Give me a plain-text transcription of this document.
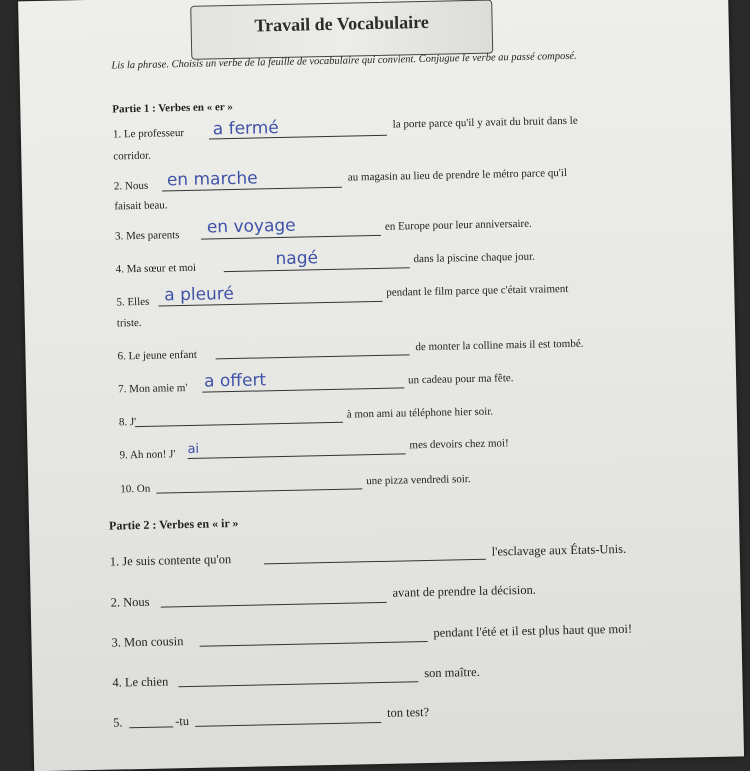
Travail de Vocabulaire
Lis la phrase. Choisis un verbe de la feuille de vocabulaire qui convient. Conjugue le verbe au passé composé.
Partie 1 : Verbes en « er »
1. Le professeur a fermé	la porte parce qu'il y avait du bruit dans le
corridor.
2. Nous en marche	au magasin au lieu de prendre le métro parce qu'il
faisait beau.
3. Mes parents en voyage	en Europe pour leur anniversaire.
4. Ma sœur et moi	nagé	dans la piscine chaque jour.
5. Elles a pleuré	pendant le film parce que c'était vraiment
triste.
6. Le jeune enfant
de monter la colline mais il est tombé.
7. Mon amie m' a offert	un cadeau pour ma fête.
8. J'
à mon ami au téléphone hier soir.
9. Ah non! J' ai	mes devoirs chez moi!
10. On
une pizza vendredi soir.
Partie 2 : Verbes en « ir »
1. Je suis contente qu'on
l'esclavage aux États-Unis.
2. Nous
avant de prendre la décision.
3. Mon cousin
pendant l'été et il est plus haut que moi!
4. Le chien
son maître.
5.	-tu
ton test?
